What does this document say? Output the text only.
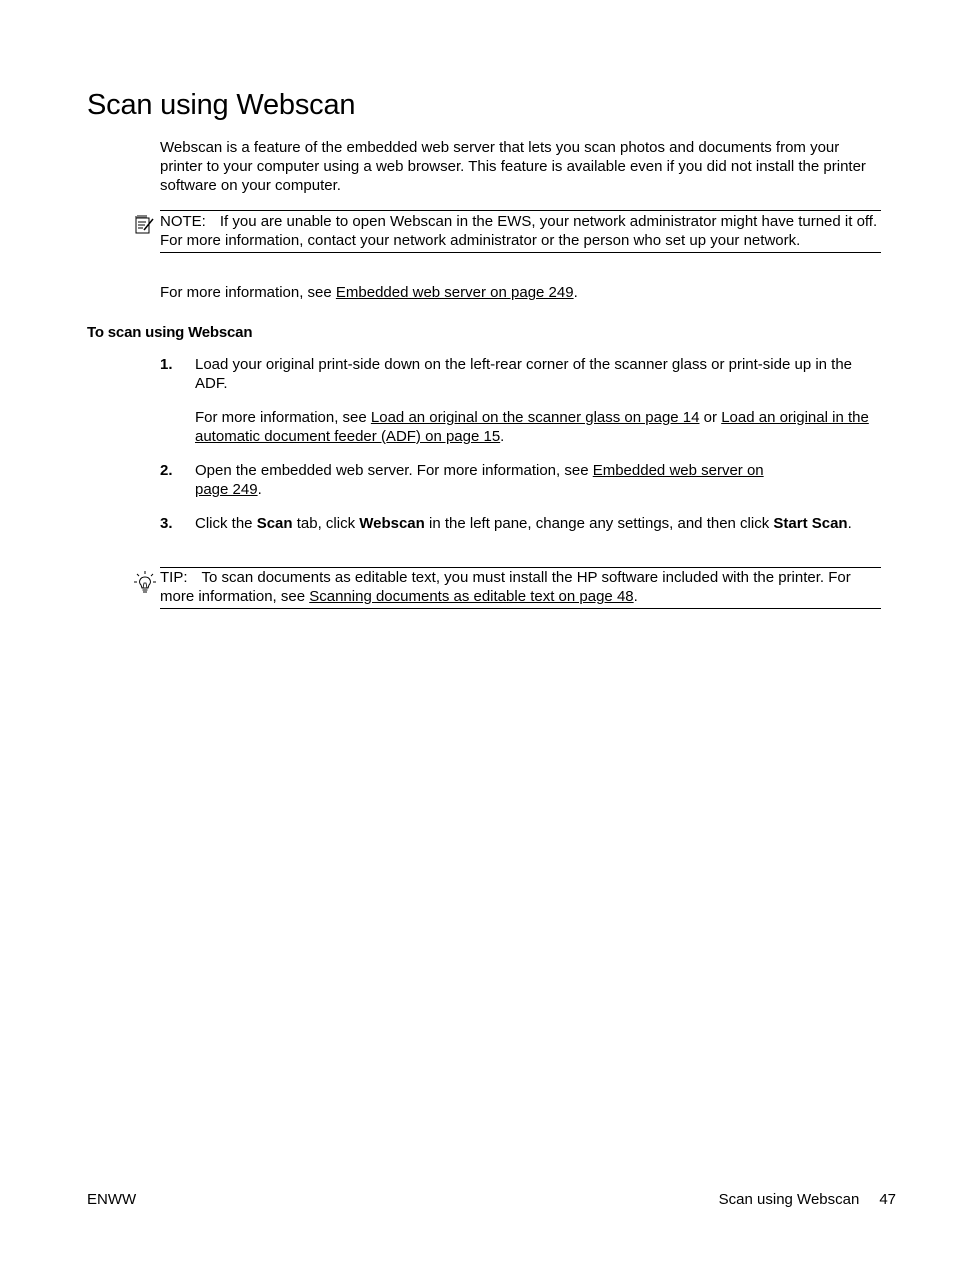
Scan using Webscan

Webscan is a feature of the embedded web server that lets you scan photos and documents from your printer to your computer using a web browser. This feature is available even if you did not install the printer software on your computer.

NOTE: If you are unable to open Webscan in the EWS, your network administrator might have turned it off. For more information, contact your network administrator or the person who set up your network.

For more information, see Embedded web server on page 249.

To scan using Webscan
1. Load your original print-side down on the left-rear corner of the scanner glass or print-side up in the ADF.

For more information, see Load an original on the scanner glass on page 14 or Load an original in the automatic document feeder (ADF) on page 15.

2. Open the embedded web server. For more information, see Embedded web server on page 249.

3. Click the Scan tab, click Webscan in the left pane, change any settings, and then click Start Scan.

TIP: To scan documents as editable text, you must install the HP software included with the printer. For more information, see Scanning documents as editable text on page 48.

ENWW	Scan using Webscan 47
